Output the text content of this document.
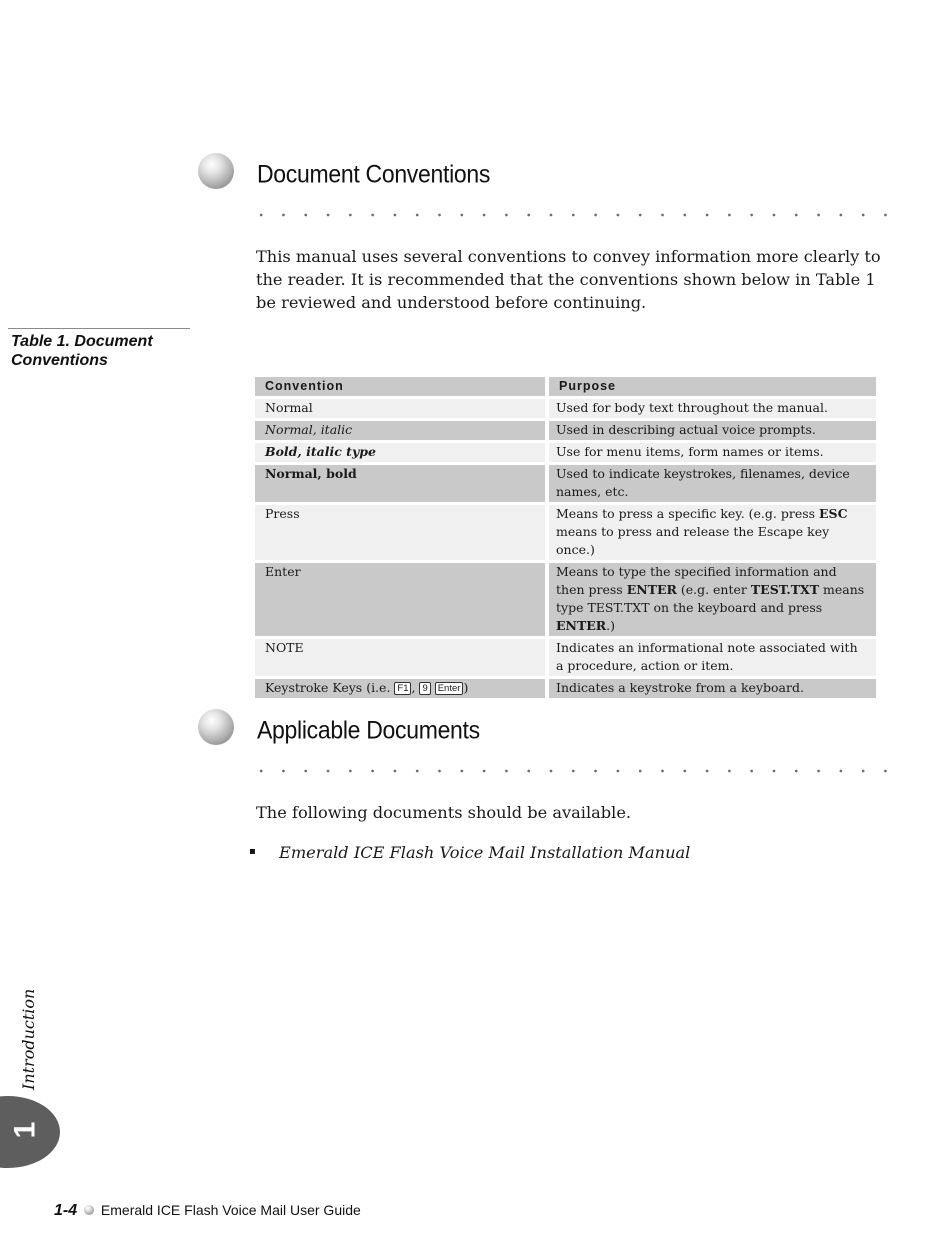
Document Conventions
This manual uses several conventions to convey information more clearly to the reader. It is recommended that the conventions shown below in Table 1 be reviewed and understood before continuing.
Table 1. Document Conventions
Convention	Purpose
Normal	Used for body text throughout the manual.
Normal, italic	Used in describing actual voice prompts.
Bold, italic type	Use for menu items, form names or items.
Normal, bold	Used to indicate keystrokes, filenames, device names, etc.
Press	Means to press a specific key. (e.g. press ESC means to press and release the Escape key once.)
Enter	Means to type the specified information and then press ENTER (e.g. enter TEST.TXT means type TEST.TXT on the keyboard and press ENTER.)
NOTE	Indicates an informational note associated with a procedure, action or item.
Keystroke Keys (i.e. F1 , 9 Enter )	Indicates a keystroke from a keyboard.
Applicable Documents
The following documents should be available.
▪ Emerald ICE Flash Voice Mail Installation Manual
Introduction
1
1-4 Emerald ICE Flash Voice Mail User Guide
